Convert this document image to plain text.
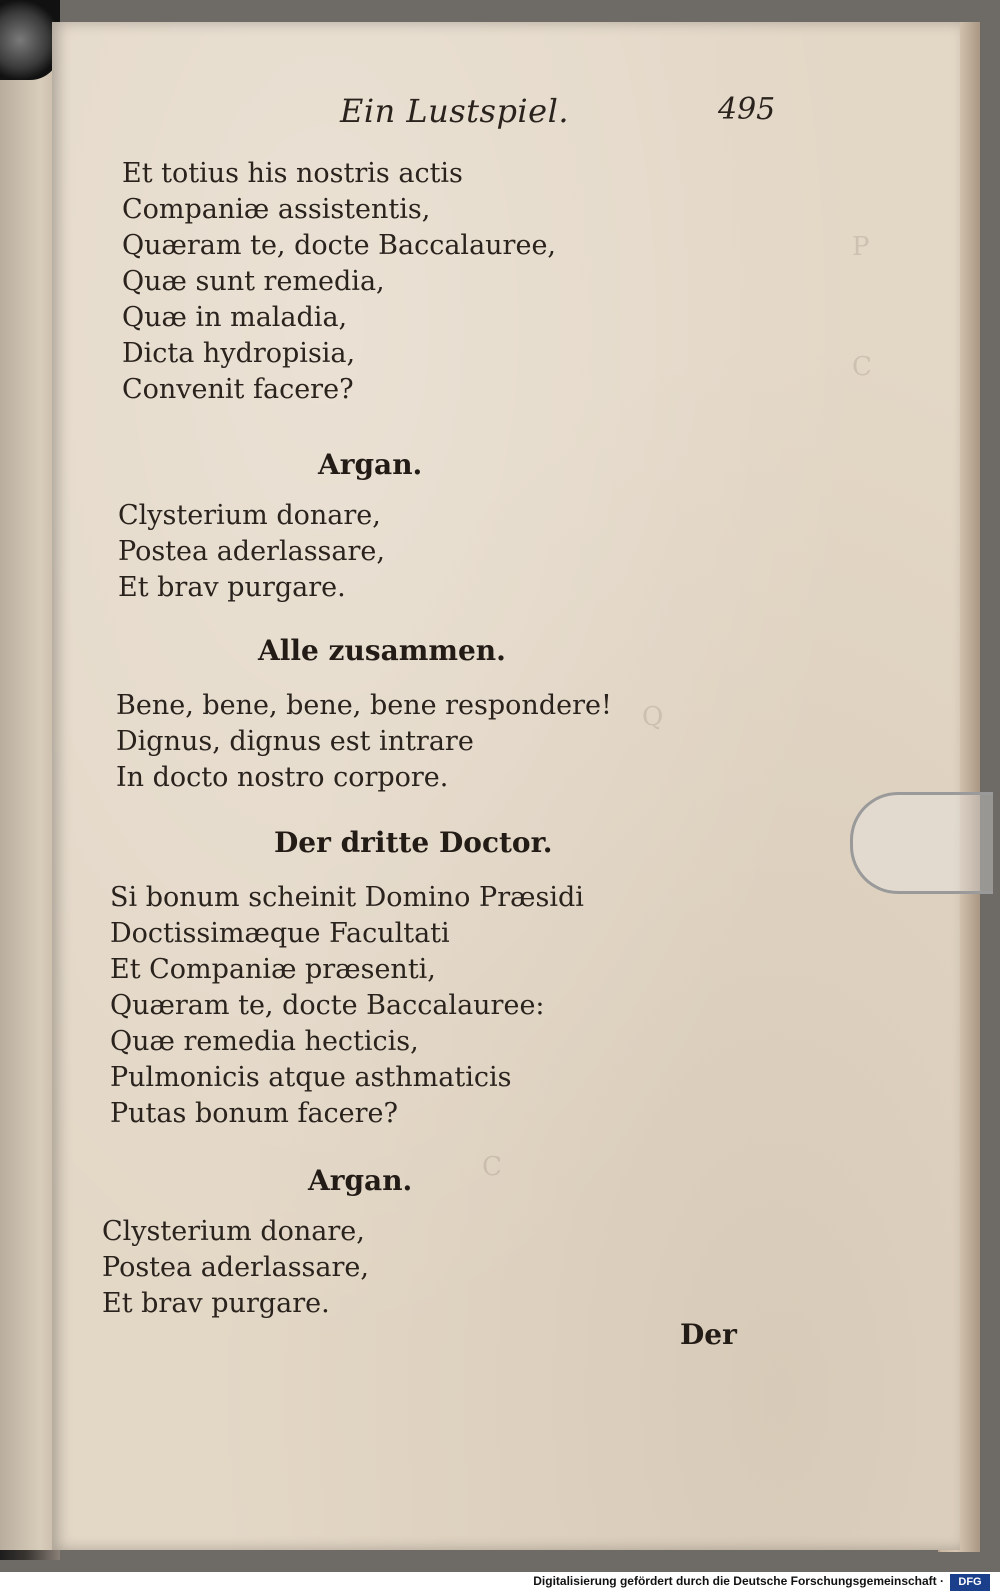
P
C
Q
C
Ein Lustspiel.	495
Et totius his nostris actis
Companiæ assistentis,
Quæram te, docte Baccalauree,
Quæ sunt remedia,
Quæ in maladia,
Dicta hydropisia,
Convenit facere?
Argan.
Clysterium donare,
Postea aderlassare,
Et brav purgare.
Alle zusammen.
Bene, bene, bene, bene respondere!
Dignus, dignus est intrare
In docto nostro corpore.
Der dritte Doctor.
Si bonum scheinit Domino Præsidi
Doctissimæque Facultati
Et Companiæ præsenti,
Quæram te, docte Baccalauree:
Quæ remedia hecticis,
Pulmonicis atque asthmaticis
Putas bonum facere?
Argan.
Clysterium donare,
Postea aderlassare,
Et brav purgare.
Der
Digitalisierung gefördert durch die Deutsche Forschungsgemeinschaft ·	DFG
